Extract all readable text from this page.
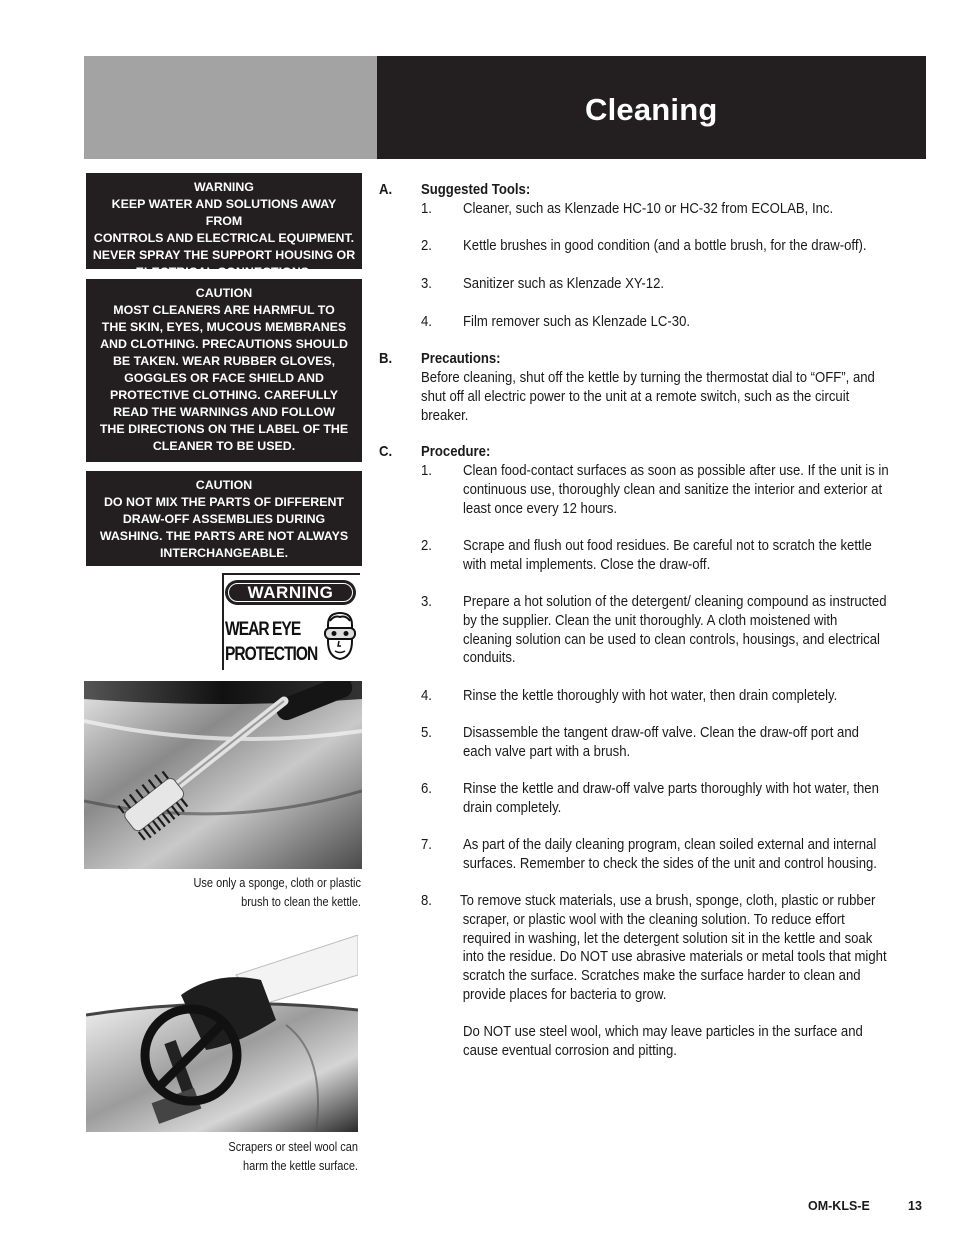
Cleaning
WARNING
KEEP WATER AND SOLUTIONS AWAY FROM
CONTROLS AND ELECTRICAL EQUIPMENT.
NEVER SPRAY THE SUPPORT HOUSING OR
ELECTRICAL CONNECTIONS.
CAUTION
MOST CLEANERS ARE HARMFUL TO
THE SKIN, EYES, MUCOUS MEMBRANES
AND CLOTHING. PRECAUTIONS SHOULD
BE TAKEN. WEAR RUBBER GLOVES,
GOGGLES OR FACE SHIELD AND
PROTECTIVE CLOTHING. CAREFULLY
READ THE WARNINGS AND FOLLOW
THE DIRECTIONS ON THE LABEL OF THE
CLEANER TO BE USED.
CAUTION
DO NOT MIX THE PARTS OF DIFFERENT
DRAW-OFF ASSEMBLIES DURING
WASHING. THE PARTS ARE NOT ALWAYS
INTERCHANGEABLE.
WARNING
WEAR EYE
PROTECTION
Use only a sponge, cloth or plastic
brush to clean the kettle.
Scrapers or steel wool can
harm the kettle surface.
A. Suggested Tools:
1. Cleaner, such as Klenzade HC-10 or HC-32 from ECOLAB, Inc.
2. Kettle brushes in good condition (and a bottle brush, for the draw-off).
3. Sanitizer such as Klenzade XY-12.
4. Film remover such as Klenzade LC-30.
B. Precautions:
Before cleaning, shut off the kettle by turning the thermostat dial to “OFF”, and
shut off all electric power to the unit at a remote switch, such as the circuit
breaker.
C. Procedure:
1. Clean food-contact surfaces as soon as possible after use. If the unit is in
continuous use, thoroughly clean and sanitize the interior and exterior at
least once every 12 hours.
2. Scrape and flush out food residues. Be careful not to scratch the kettle
with metal implements. Close the draw-off.
3. Prepare a hot solution of the detergent/ cleaning compound as instructed
by the supplier. Clean the unit thoroughly. A cloth moistened with
cleaning solution can be used to clean controls, housings, and electrical
conduits.
4. Rinse the kettle thoroughly with hot water, then drain completely.
5. Disassemble the tangent draw-off valve. Clean the draw-off port and
each valve part with a brush.
6. Rinse the kettle and draw-off valve parts thoroughly with hot water, then
drain completely.
7. As part of the daily cleaning program, clean soiled external and internal
surfaces. Remember to check the sides of the unit and control housing.
8. To remove stuck materials, use a brush, sponge, cloth, plastic or rubber
scraper, or plastic wool with the cleaning solution. To reduce effort
required in washing, let the detergent solution sit in the kettle and soak
into the residue. Do NOT use abrasive materials or metal tools that might
scratch the surface. Scratches make the surface harder to clean and
provide places for bacteria to grow.
Do NOT use steel wool, which may leave particles in the surface and
cause eventual corrosion and pitting.
OM-KLS-E	13
